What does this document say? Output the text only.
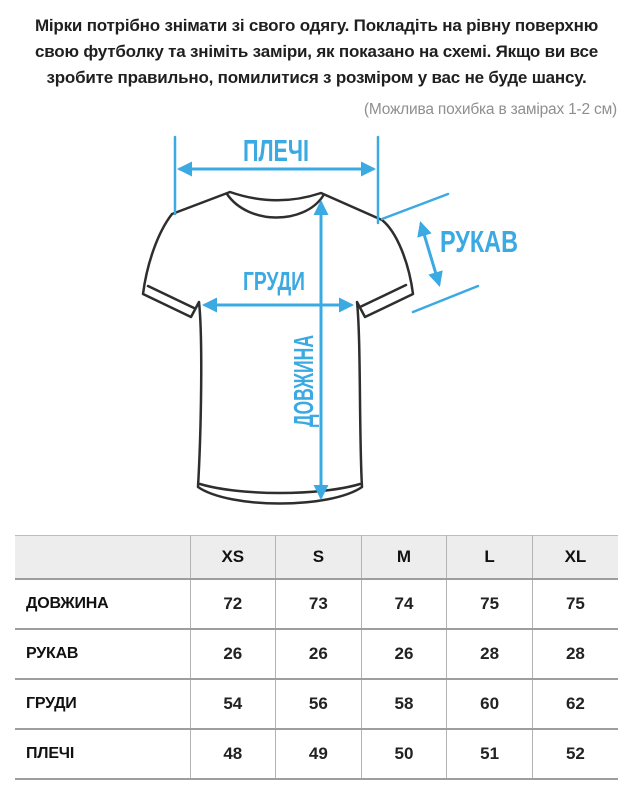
Мірки потрібно знімати зі свого одягу. Покладіть на рівну поверхню
свою футболку та зніміть заміри, як показано на схемі. Якщо ви все
зробите правильно, помилитися з розміром у вас не буде шансу.
(Можлива похибка в замірах 1-2 см)
ПЛЕЧІ
ГРУДИ
РУКАВ
ДОВЖИНА
	XS	S	M	L	XL
ДОВЖИНА	72	73	74	75	75
РУКАВ	26	26	26	28	28
ГРУДИ	54	56	58	60	62
ПЛЕЧІ	48	49	50	51	52
